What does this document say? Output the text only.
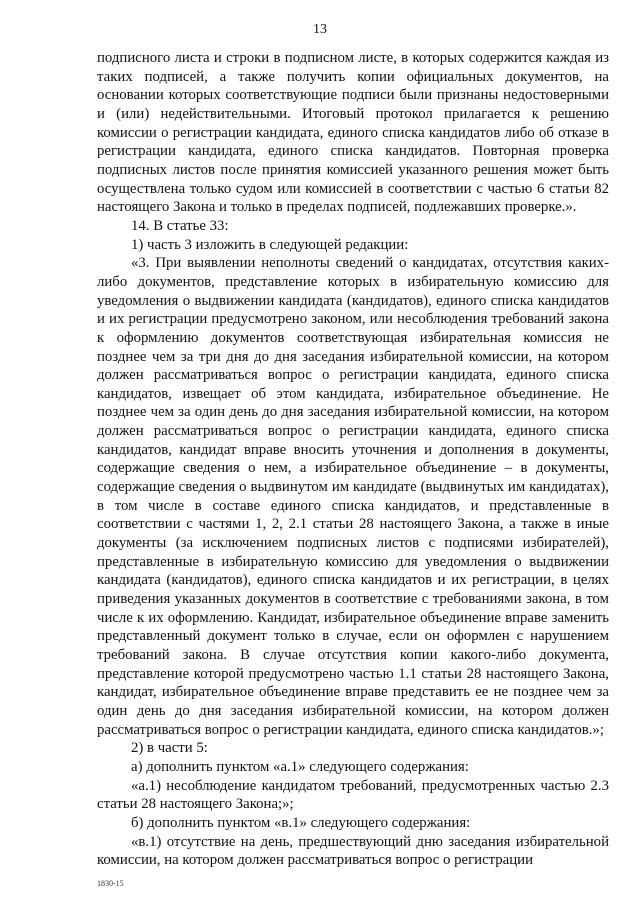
13

подписного листа и строки в подписном листе, в которых содержится каждая из таких подписей, а также получить копии официальных документов, на основании которых соответствующие подписи были признаны недостоверными и (или) недействительными. Итоговый протокол прилагается к решению комиссии о регистрации кандидата, единого списка кандидатов либо об отказе в регистрации кандидата, единого списка кандидатов. Повторная проверка подписных листов после принятия комиссией указанного решения может быть осуществлена только судом или комиссией в соответствии с частью 6 статьи 82 настоящего Закона и только в пределах подписей, подлежавших проверке.».

14. В статье 33:

1) часть 3 изложить в следующей редакции:

«3. При выявлении неполноты сведений о кандидатах, отсутствия каких-либо документов, представление которых в избирательную комиссию для уведомления о выдвижении кандидата (кандидатов), единого списка кандидатов и их регистрации предусмотрено законом, или несоблюдения требований закона к оформлению документов соответствующая избирательная комиссия не позднее чем за три дня до дня заседания избирательной комиссии, на котором должен рассматриваться вопрос о регистрации кандидата, единого списка кандидатов, извещает об этом кандидата, избирательное объединение. Не позднее чем за один день до дня заседания избирательной комиссии, на котором должен рассматриваться вопрос о регистрации кандидата, единого списка кандидатов, кандидат вправе вносить уточнения и дополнения в документы, содержащие сведения о нем, а избирательное объединение – в документы, содержащие сведения о выдвинутом им кандидате (выдвинутых им кандидатах), в том числе в составе единого списка кандидатов, и представленные в соответствии с частями 1, 2, 2.1 статьи 28 настоящего Закона, а также в иные документы (за исключением подписных листов с подписями избирателей), представленные в избирательную комиссию для уведомления о выдвижении кандидата (кандидатов), единого списка кандидатов и их регистрации, в целях приведения указанных документов в соответствие с требованиями закона, в том числе к их оформлению. Кандидат, избирательное объединение вправе заменить представленный документ только в случае, если он оформлен с нарушением требований закона. В случае отсутствия копии какого-либо документа, представление которой предусмотрено частью 1.1 статьи 28 настоящего Закона, кандидат, избирательное объединение вправе представить ее не позднее чем за один день до дня заседания избирательной комиссии, на котором должен рассматриваться вопрос о регистрации кандидата, единого списка кандидатов.»;

2) в части 5:

а) дополнить пунктом «а.1» следующего содержания:

«а.1) несоблюдение кандидатом требований, предусмотренных частью 2.3 статьи 28 настоящего Закона;»;

б) дополнить пунктом «в.1» следующего содержания:

«в.1) отсутствие на день, предшествующий дню заседания избирательной комиссии, на котором должен рассматриваться вопрос о регистрации

1830-15
